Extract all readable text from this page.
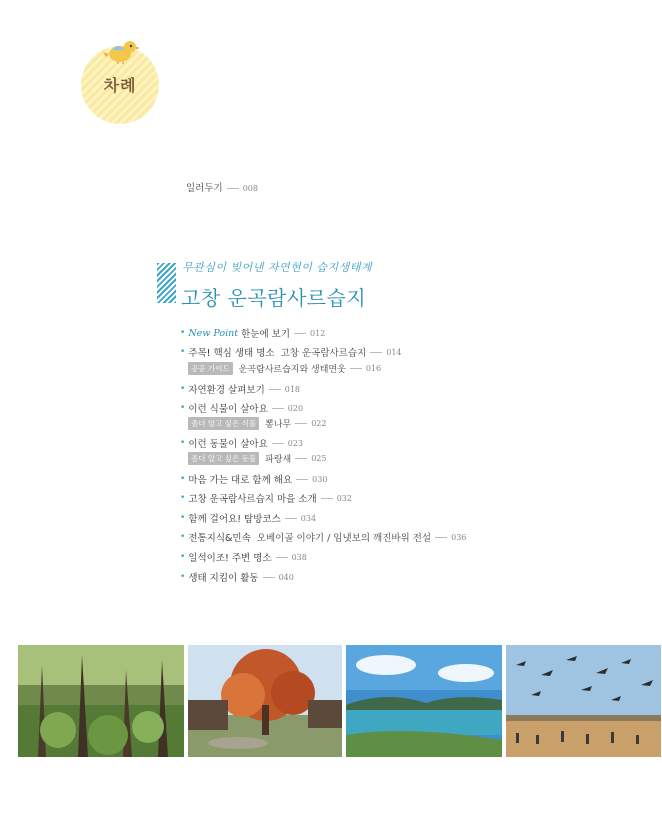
차례
일러두기	008
무관심이 빚어낸 자연현이 습지생태계
고창 운곡람사르습지
• New Point 한눈에 보기	012
• 주목! 핵심 생태 명소 고창 운곡람사르습지	014
공공 가이드	운곡람사르습지와 생태면웃	016
• 자연환경 살펴보기	018
• 이런 식물이 살아요	020
좀더 알고 싶은 식물	뽕나무	022
• 이런 동물이 살아요	023
좀더 알고 싶은 동물	파랑새	025
• 마음 가는 대로 함께 해요	030
• 고창 운곡람사르습지 마을 소개	032
• 함께 걸어요! 탐방코스	034
• 전통지식&민속 오베이골 이야기 / 임냇보의 깨진바위 전설	036
• 일석이조! 주변 명소	038
• 생태 지킴이 활동	040
